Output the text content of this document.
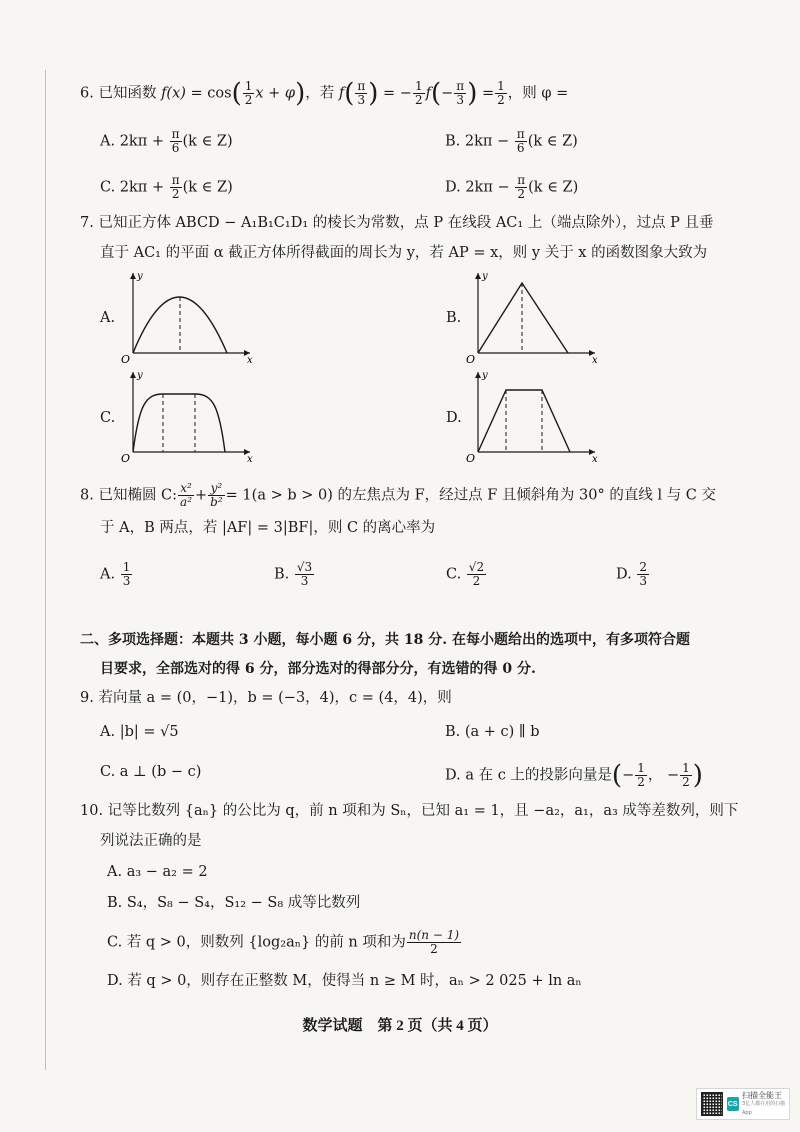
6. 已知函数 $f(x) = \cos( \frac{1}{2}$ x + φ)，若 $f( \frac{\pi}{3}$ ) = − $\frac{1}{2} f(- \frac{\pi}{3}$ ) = $\frac{1}{2}$ ，则 φ =
A. $2k\pi + \frac{\pi}{6} (k$ ∈ Z)	B. $2k\pi - \frac{\pi}{6} (k$ ∈ Z)
C. $2k\pi + \frac{\pi}{2} (k$ ∈ Z)	D. $2k\pi - \frac{\pi}{2} (k$ ∈ Z)
7. 已知正方体 ABCD − A₁B₁C₁D₁ 的棱长为常数，点 P 在线段 AC₁ 上（端点除外），过点 P 且垂
直于 AC₁ 的平面 α 截正方体所得截面的周长为 y，若 AP = x，则 y 关于 x 的函数图象大致为
A.
O	x
y
B.
O	x
y
C.
O	x
y
D.
O	x
y
8. 已知椭圆 C: $\frac{\text{x²}}{\text{a²}} + \frac{\text{y²}}{\text{b²}} = 1(a > b > 0)$ 的左焦点为 F，经过点 F 且倾斜角为 30° 的直线 l 与 C 交
于 A，B 两点，若 |AF| = 3|BF|，则 C 的离心率为
A. $\frac{1}{3}$	B. $\frac{√3}{3}$	C. $\frac{√2}{2}$	D. $\frac{2}{3}$
二、多项选择题：本题共 3 小题，每小题 6 分，共 18 分. 在每小题给出的选项中，有多项符合题
目要求，全部选对的得 6 分，部分选对的得部分分，有选错的得 0 分.
9. 若向量 a = (0，−1)，b = (−3，4)，c = (4，4)，则
A. |b| = √5	B. (a + c) ∥ b
C. a ⊥ (b − c)	D. a 在 c 上的投影向量是(− $\frac{1}{2}$ ， − $\frac{1}{2}$ )
10. 记等比数列 {aₙ} 的公比为 q，前 n 项和为 Sₙ，已知 a₁ = 1，且 −a₂，a₁，a₃ 成等差数列，则下
列说法正确的是
A. a₃ − a₂ = 2
B. S₄，S₈ − S₄，S₁₂ − S₈ 成等比数列
C. 若 q > 0，则数列 {log₂aₙ} 的前 n 项和为 $\frac{n(n - 1)}{2}$
D. 若 q > 0，则存在正整数 M，使得当 n ≥ M 时，aₙ > 2 025 + ln aₙ
数学试题　第 2 页（共 4 页）
CS
扫描全能王
3亿人都在用的扫描App
